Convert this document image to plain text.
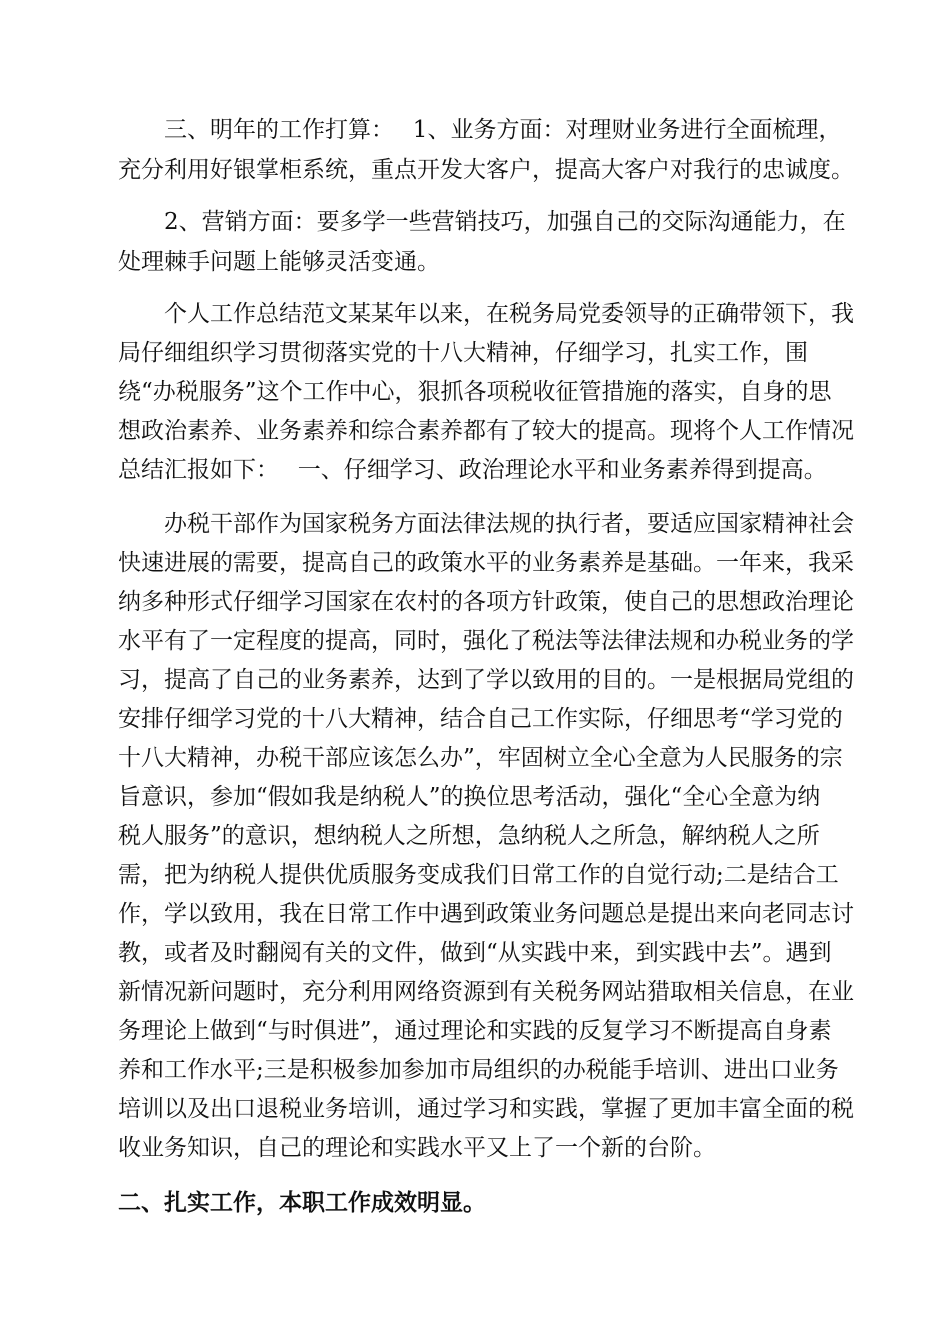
　　三、明年的工作打算：　 1、业务方面：对理财业务进行全面梳理，
充分利用好银掌柜系统，重点开发大客户，提高大客户对我行的忠诚度。
　　2、营销方面：要多学一些营销技巧，加强自己的交际沟通能力，在
处理棘手问题上能够灵活变通。
　　个人工作总结范文某某年以来，在税务局党委领导的正确带领下，我
局仔细组织学习贯彻落实党的十八大精神，仔细学习，扎实工作，围
绕“办税服务”这个工作中心，狠抓各项税收征管措施的落实，自身的思
想政治素养、业务素养和综合素养都有了较大的提高。现将个人工作情况
总结汇报如下：　 一、仔细学习、政治理论水平和业务素养得到提高。
　　办税干部作为国家税务方面法律法规的执行者，要适应国家精神社会
快速进展的需要，提高自己的政策水平的业务素养是基础。一年来，我采
纳多种形式仔细学习国家在农村的各项方针政策，使自己的思想政治理论
水平有了一定程度的提高，同时，强化了税法等法律法规和办税业务的学
习，提高了自己的业务素养，达到了学以致用的目的。一是根据局党组的
安排仔细学习党的十八大精神，结合自己工作实际，仔细思考“学习党的
十八大精神，办税干部应该怎么办”，牢固树立全心全意为人民服务的宗
旨意识，参加“假如我是纳税人”的换位思考活动，强化“全心全意为纳
税人服务”的意识，想纳税人之所想，急纳税人之所急，解纳税人之所
需，把为纳税人提供优质服务变成我们日常工作的自觉行动;二是结合工
作，学以致用，我在日常工作中遇到政策业务问题总是提出来向老同志讨
教，或者及时翻阅有关的文件，做到“从实践中来，到实践中去”。遇到
新情况新问题时，充分利用网络资源到有关税务网站猎取相关信息，在业
务理论上做到“与时俱进”，通过理论和实践的反复学习不断提高自身素
养和工作水平;三是积极参加参加市局组织的办税能手培训、进出口业务
培训以及出口退税业务培训，通过学习和实践，掌握了更加丰富全面的税
收业务知识，自己的理论和实践水平又上了一个新的台阶。
二、扎实工作，本职工作成效明显。
